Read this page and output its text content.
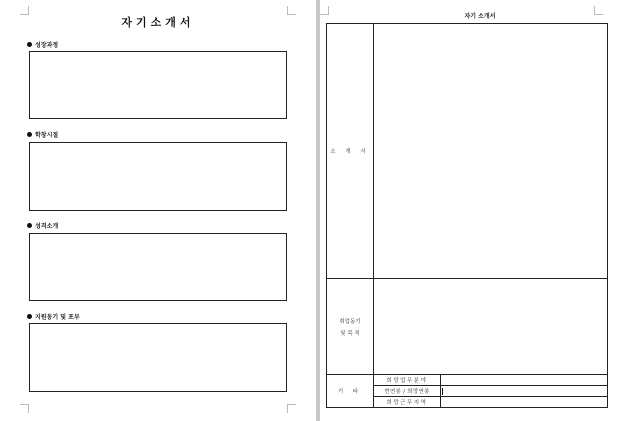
자기소개서
성장과정
학창시절
성격소개
지원동기 및 포부
자기 소개서
소 개 서		

취업동기
및 목 적		

기 타	희망업무분야	
	현연봉 / 희망연봉	
	희망근무지역	
